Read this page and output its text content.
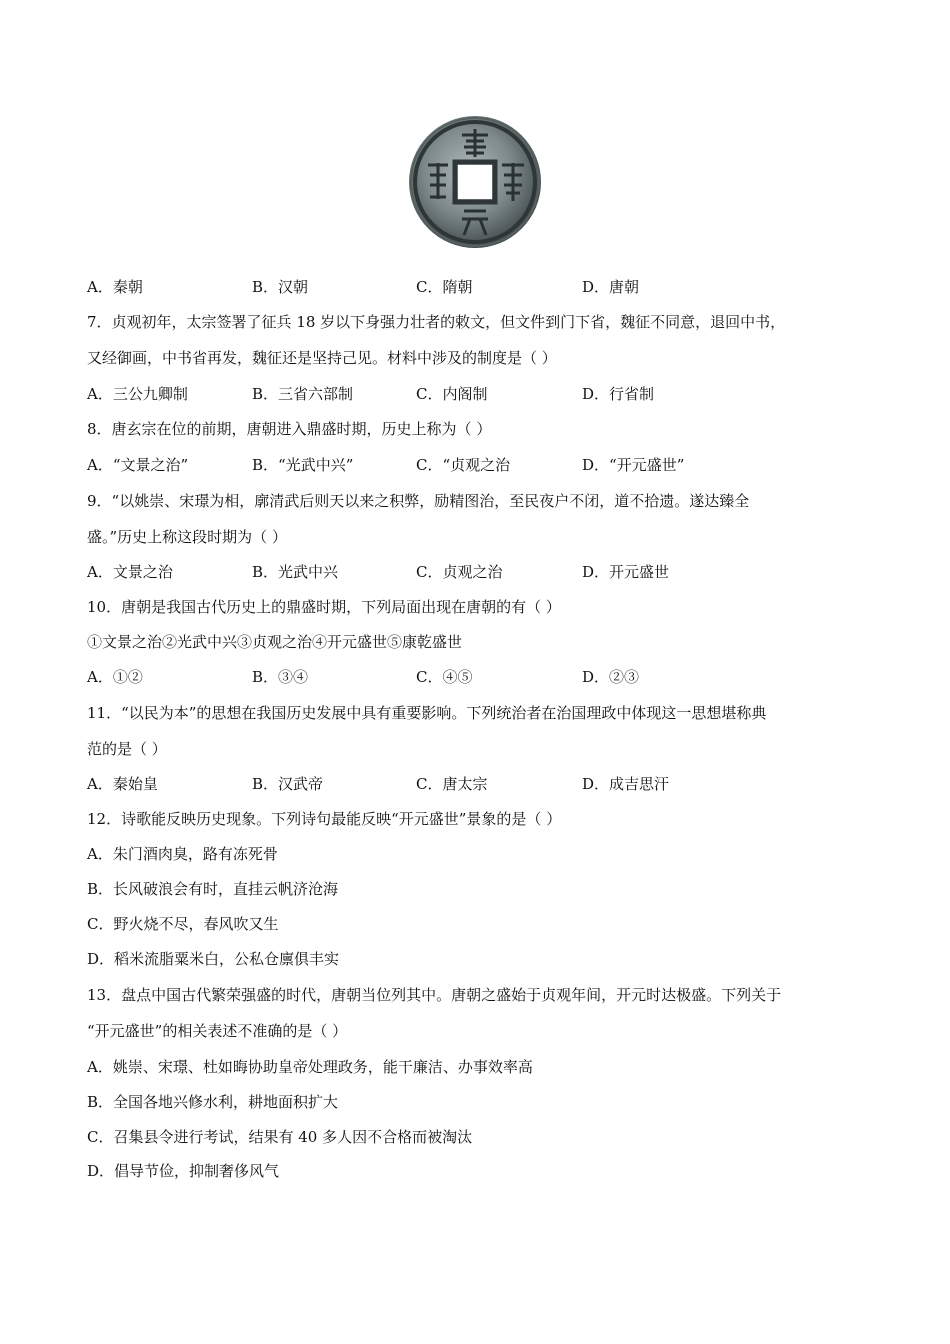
A．秦朝	B．汉朝	C．隋朝	D．唐朝
7．贞观初年，太宗签署了征兵 18 岁以下身强力壮者的敕文，但文件到门下省，魏征不同意，退回中书，
又经御画，中书省再发，魏征还是坚持己见。材料中涉及的制度是（ ）
A．三公九卿制	B．三省六部制	C．内阁制	D．行省制
8．唐玄宗在位的前期，唐朝进入鼎盛时期，历史上称为（ ）
A．“文景之治”	B．“光武中兴”	C．“贞观之治	D．“开元盛世”
9．“以姚崇、宋璟为相，廓清武后则天以来之积弊，励精图治，至民夜户不闭，道不拾遗。遂达臻全
盛。”历史上称这段时期为（ ）
A．文景之治	B．光武中兴	C．贞观之治	D．开元盛世
10．唐朝是我国古代历史上的鼎盛时期，下列局面出现在唐朝的有（ ）
①文景之治②光武中兴③贞观之治④开元盛世⑤康乾盛世
A．①②	B．③④	C．④⑤	D．②③
11．“以民为本”的思想在我国历史发展中具有重要影响。下列统治者在治国理政中体现这一思想堪称典
范的是（ ）
A．秦始皇	B．汉武帝	C．唐太宗	D．成吉思汗
12．诗歌能反映历史现象。下列诗句最能反映“开元盛世”景象的是（ ）
A．朱门酒肉臭，路有冻死骨
B．长风破浪会有时，直挂云帆济沧海
C．野火烧不尽，春风吹又生
D．稻米流脂粟米白，公私仓廪俱丰实
13．盘点中国古代繁荣强盛的时代，唐朝当位列其中。唐朝之盛始于贞观年间，开元时达极盛。下列关于
“开元盛世”的相关表述不准确的是（ ）
A．姚崇、宋璟、杜如晦协助皇帝处理政务，能干廉洁、办事效率高
B．全国各地兴修水利，耕地面积扩大
C．召集县令进行考试，结果有 40 多人因不合格而被淘汰
D．倡导节俭，抑制奢侈风气
